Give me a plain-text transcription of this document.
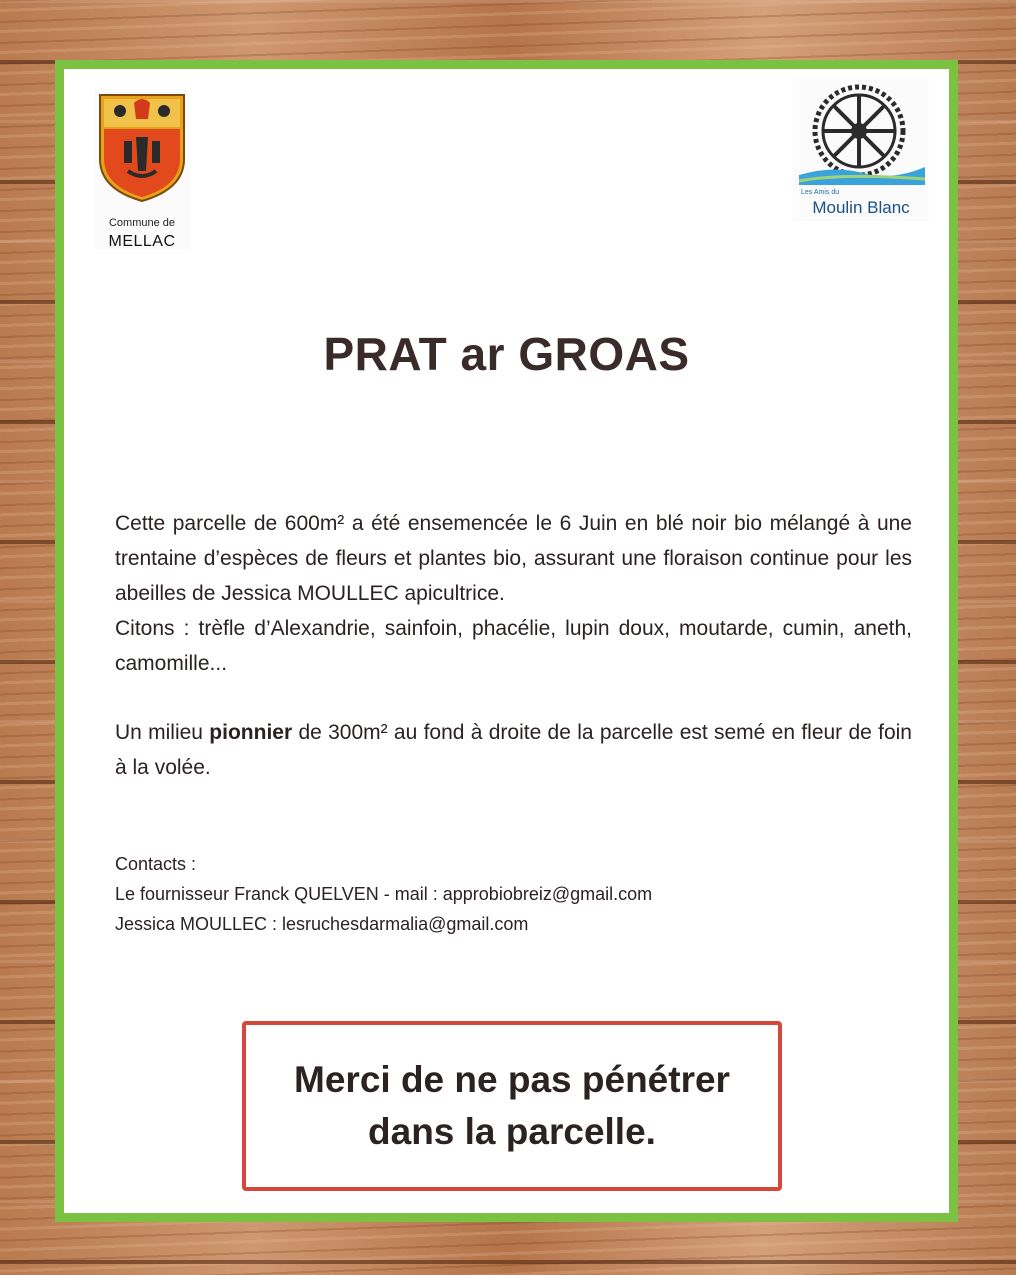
Commune de
MELLAC
Les Amis du
Moulin Blanc
PRAT ar GROAS

Cette parcelle de 600m² a été ensemencée le 6 Juin en blé noir bio mélangé à une trentaine d’espèces de fleurs et plantes bio, assurant une floraison continue pour les abeilles de Jessica MOULLEC apicultrice.

Citons : trèfle d’Alexandrie, sainfoin, phacélie, lupin doux, moutarde, cumin, aneth, camomille...

Un milieu pionnier de 300m² au fond à droite de la parcelle est semé en fleur de foin à la volée.

Contacts :
Le fournisseur Franck QUELVEN - mail : approbiobreiz@gmail.com
Jessica MOULLEC : lesruchesdarmalia@gmail.com
Merci de ne pas pénétrer
dans la parcelle.
